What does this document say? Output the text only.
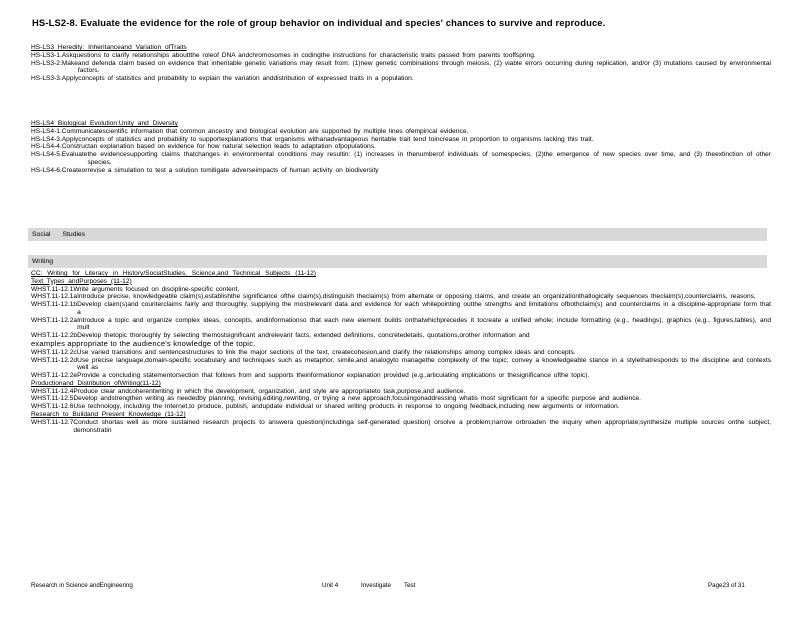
HS-LS2-8. Evaluate the evidence for the role of group behavior on individual and species' chances to survive and reproduce.
HS-LS3 Heredity: Inheritanceand Variation ofTraits
HS-LS3-1.Ask questions to clarify relationships abouttthe roleof DNA andchromosomes in codingthe instructions for characteristic traits passed from parents tooffspring.
HS-LS3-2.Make and defenda claim based on evidence that inheritable genetic variations may result from: (1)new genetic combinations through meiosis, (2) viable errors occurring during replication, and/or (3) mutations caused by environmental factors.
HS-LS3-3.Apply concepts of statistics and probability to explain the variation anddistribution of expressed traits in a population.
HS-LS4 Biological Evolution:Unity and Diversity
HS-LS4-1.Communicate scientific information that common ancestry and biological evolution are supported by multiple lines ofempirical evidence.
HS-LS4-3.Apply concepts of statistics and probability to supportexplanations that organisms withanadvantageous heritable trait tend toincrease in proportion to organisms lacking this trait.
HS-LS4-4.Construct an explanation based on evidence for how natural selection leads to adaptation ofpopulations.
HS-LS4-5.Evaluate the evidencesupporting claims thatchanges in environmental conditions may resultin: (1) increases in thenumberof individuals of somespecies, (2)the emergence of new species over time, and (3) theextinction of other species.
HS-LS4-6.Create orrevise a simulation to test a solution tomitigate adverseimpacts of human activity on biodiversity
Social Studies
Writing
CC: Writing for Literacy in History/SocialStudies, Science,and Technical Subjects (11-12)
Text Types andPurposes (11-12)
WHST.11-12.1 Write arguments focused on discipline-specific content.
WHST.11-12.1a Introduce precise, knowledgeable claim(s),establishthe significance ofthe claim(s),distinguish theclaim(s) from alternate or opposing claims, and create an organizationthatlogically sequences theclaim(s),counterclaims, reasons,
WHST.11-12.1b Develop claim(s)and counterclaims fairly and thoroughly, supplying the mostrelevant data and evidence for each whilepointing outthe strengths and limitations ofbothclaim(s) and counterclaims in a discipline-appropriate form that a
WHST.11-12.2a Introduce a topic and organize complex ideas, concepts, andinformationso that each new element builds onthatwhichprecedes it tocreate a unified whole; include formatting (e.g., headings), graphics (e.g., figures,tables), and mult
WHST.11-12.2b Develop thetopic thoroughly by selecting themostsignificant andrelevant facts, extended definitions, concretedetails, quotations,orother information and
examples appropriate to the audience's knowledge of the topic.
WHST.11-12.2c Use varied transitions and sentencestructures to link the major sections of the text, createcohesion,and clarify the relationships among complex ideas and concepts.
WHST.11-12.2d Use precise language,domain-specific vocabulary and techniques such as metaphor, simile,and analogyto managethe complexity of the topic; convey a knowledgeable stance in a stylethatresponds to the discipline and contexts well as
WHST.11-12.2e Provide a concluding statementorsection that follows from and supports theinformationor explanation provided (e.g.,articulating implications or thesignificance ofthe topic).
Productionand Distribution ofWriting(11-12)
WHST.11-12.4 Produce clear andcoherentwriting in which the development, organization, and style are appropriateto task,purpose,and audience.
WHST.11-12.5 Develop andstrengthen writing as neededby planning, revising,editing,rewriting, or trying a new approach,focusingonaddressing whatis most significant for a specific purpose and audience.
WHST.11-12.6 Use technology, including the Internet,to produce, publish, andupdate individual or shared writing products in response to ongoing feedback,including new arguments or information.
Research to Buildand Present Knowledge (11-12)
WHST.11-12.7 Conduct shortas well as more sustained research projects to answera question(includinga self-generated question) orsolve a problem;narrow orbroaden the inquiry when appropriate;synthesize multiple sources onthe subject, demonstratin
Research in Science andEngineering	Unit 4	Investigate Test	Page23 of 31
